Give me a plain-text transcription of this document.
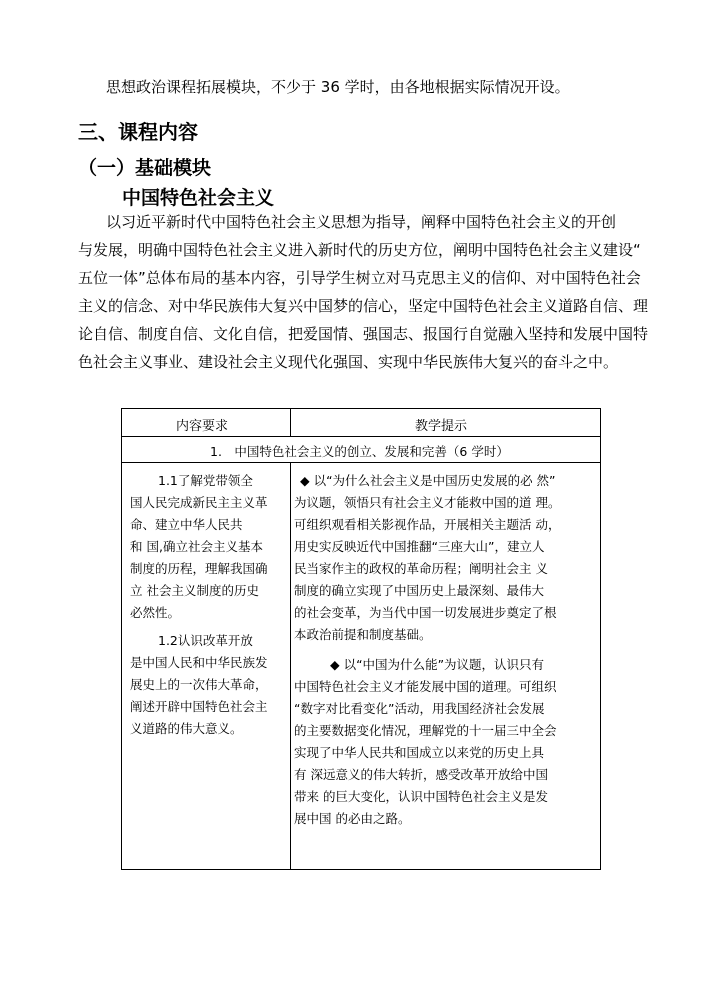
思想政治课程拓展模块，不少于 36 学时，由各地根据实际情况开设。
三、课程内容
（一）基础模块
中国特色社会主义
以习近平新时代中国特色社会主义思想为指导，阐释中国特色社会主义的开创
与发展，明确中国特色社会主义进入新时代的历史方位，阐明中国特色社会主义建设“
五位一体”总体布局的基本内容，引导学生树立对马克思主义的信仰、对中国特色社会
主义的信念、对中华民族伟大复兴中国梦的信心，坚定中国特色社会主义道路自信、理
论自信、制度自信、文化自信，把爱国情、强国志、报国行自觉融入坚持和发展中国特
色社会主义事业、建设社会主义现代化强国、实现中华民族伟大复兴的奋斗之中。
内容要求	教学提示
1.　中国特色社会主义的创立、发展和完善（6 学时）
1.1了解党带领全
国人民完成新民主主义革
命、建立中华人民共
和 国,确立社会主义基本
制度的历程，理解我国确
立 社会主义制度的历史
必然性。
1.2认识改革开放
是中国人民和中华民族发
展史上的一次伟大革命，
阐述开辟中国特色社会主
义道路的伟大意义。
◆ 以“为什么社会主义是中国历史发展的必 然”
为议题，领悟只有社会主义才能救中国的道 理。
可组织观看相关影视作品，开展相关主题活 动，
用史实反映近代中国推翻“三座大山”，建立人
民当家作主的政权的革命历程；阐明社会主 义
制度的确立实现了中国历史上最深刻、最伟大
的社会变革，为当代中国一切发展进步奠定了根
本政治前提和制度基础。
◆ 以“中国为什么能”为议题，认识只有
中国特色社会主义才能发展中国的道理。可组织
“数字对比看变化”活动，用我国经济社会发展
的主要数据变化情况，理解党的十一届三中全会
实现了中华人民共和国成立以来党的历史上具
有 深远意义的伟大转折，感受改革开放给中国
带来 的巨大变化，认识中国特色社会主义是发
展中国 的必由之路。
